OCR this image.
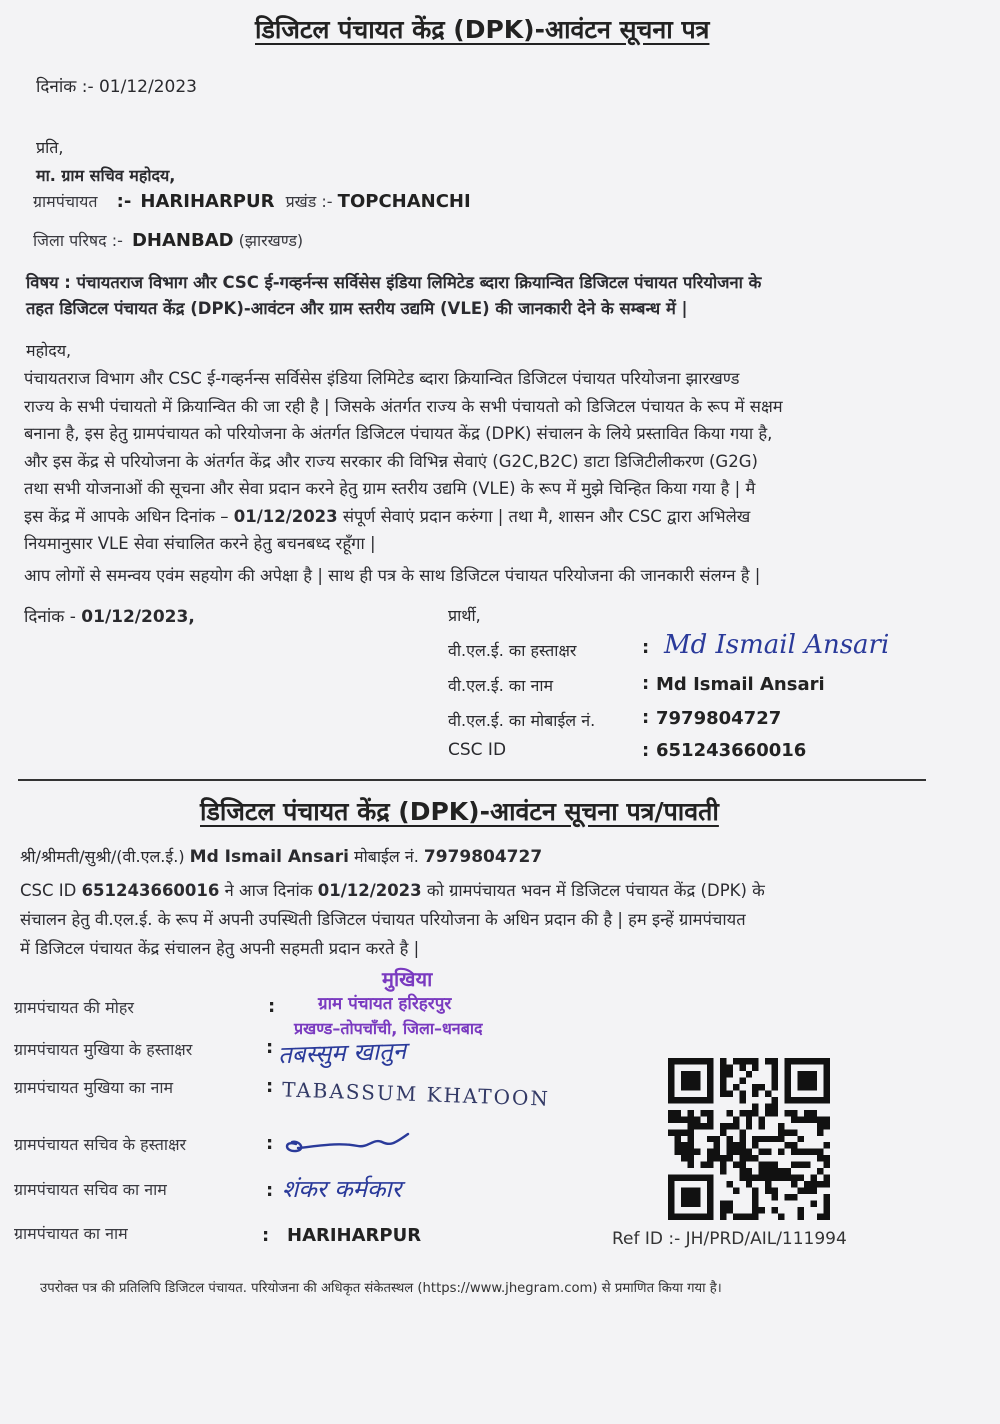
डिजिटल पंचायत केंद्र (DPK)-आवंटन सूचना पत्र
दिनांक :- 01/12/2023
प्रति,
मा. ग्राम सचिव महोदय,
ग्रामपंचायत :- HARIHARPUR प्रखंड :- TOPCHANCHI
जिला परिषद :- DHANBAD (झारखण्ड)

विषय : पंचायतराज विभाग और CSC ई-गव्हर्नन्स सर्विसेस इंडिया लिमिटेड ब्दारा क्रियान्वित डिजिटल पंचायत परियोजना के

तहत डिजिटल पंचायत केंद्र (DPK)-आवंटन और ग्राम स्तरीय उद्यमि (VLE) की जानकारी देने के सम्बन्ध में |

महोदय,

पंचायतराज विभाग और CSC ई-गव्हर्नन्स सर्विसेस इंडिया लिमिटेड ब्दारा क्रियान्वित डिजिटल पंचायत परियोजना झारखण्ड

राज्य के सभी पंचायतो में क्रियान्वित की जा रही है | जिसके अंतर्गत राज्य के सभी पंचायतो को डिजिटल पंचायत के रूप में सक्षम

बनाना है, इस हेतु ग्रामपंचायत को परियोजना के अंतर्गत डिजिटल पंचायत केंद्र (DPK) संचालन के लिये प्रस्तावित किया गया है,

और इस केंद्र से परियोजना के अंतर्गत केंद्र और राज्य सरकार की विभिन्न सेवाएं (G2C,B2C) डाटा डिजिटीलीकरण (G2G)

तथा सभी योजनाओं की सूचना और सेवा प्रदान करने हेतु ग्राम स्तरीय उद्यमि (VLE) के रूप में मुझे चिन्हित किया गया है | मै

इस केंद्र में आपके अधिन दिनांक – 01/12/2023 संपूर्ण सेवाएं प्रदान करुंगा | तथा मै, शासन और CSC द्वारा अभिलेख

नियमानुसार VLE सेवा संचालित करने हेतु बचनबध्द रहूँगा |

आप लोगों से समन्वय एवंम सहयोग की अपेक्षा है | साथ ही पत्र के साथ डिजिटल पंचायत परियोजना की जानकारी संलग्न है |

दिनांक - 01/12/2023,	प्रार्थी,
वी.एल.ई. का हस्ताक्षर	: Md Ismail Ansari
वी.एल.ई. का नाम	: Md Ismail Ansari
वी.एल.ई. का मोबाईल नं.	: 7979804727
CSC ID	: 651243660016
डिजिटल पंचायत केंद्र (DPK)-आवंटन सूचना पत्र/पावती
श्री/श्रीमती/सुश्री/(वी.एल.ई.) Md Ismail Ansari मोबाईल नं. 7979804727

CSC ID 651243660016 ने आज दिनांक 01/12/2023 को ग्रामपंचायत भवन में डिजिटल पंचायत केंद्र (DPK) के

संचालन हेतु वी.एल.ई. के रूप में अपनी उपस्थिती डिजिटल पंचायत परियोजना के अधिन प्रदान की है | हम इन्हें ग्रामपंचायत

में डिजिटल पंचायत केंद्र संचालन हेतु अपनी सहमती प्रदान करते है |

मुखिया
ग्राम पंचायत हरिहरपुर
प्रखण्ड–तोपचाँची, जिला–धनबाद
ग्रामपंचायत की मोहर	:
ग्रामपंचायत मुखिया के हस्ताक्षर	: तबस्सुम खातुन
ग्रामपंचायत मुखिया का नाम	: TABASSUM KHATOON
ग्रामपंचायत सचिव के हस्ताक्षर	:
ग्रामपंचायत सचिव का नाम	: शंकर कर्मकार
ग्रामपंचायत का नाम	: HARIHARPUR	Ref ID :- JH/PRD/AIL/111994
उपरोक्त पत्र की प्रतिलिपि डिजिटल पंचायत. परियोजना की अधिकृत संकेतस्थल (https://www.jhegram.com) से प्रमाणित किया गया है।
